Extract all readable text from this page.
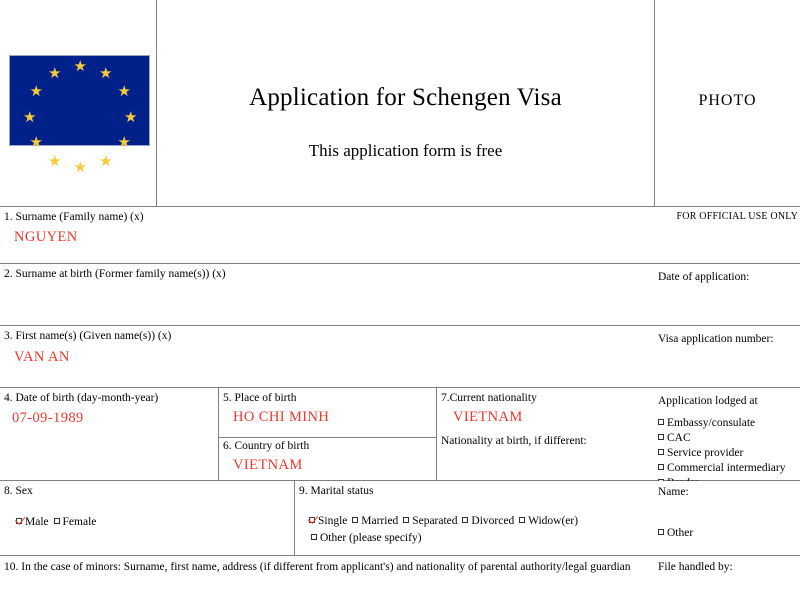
★ ★
★
★
★
★
★
★
★
★
★
★
Application for Schengen Visa
This application form is free
PHOTO
1. Surname (Family name) (x)
NGUYEN
2. Surname at birth (Former family name(s)) (x)
3. First name(s) (Given name(s)) (x)
VAN AN
4. Date of birth (day-month-year)
07-09-1989
5. Place of birth
HO CHI MINH
6. Country of birth
VIETNAM
7.Current nationality
VIETNAM
Nationality at birth, if different:
8. Sex
Male Female
9. Marital status
Single Married Separated Divorced Widow(er)
Other (please specify)
10. In the case of minors: Surname, first name, address (if different from applicant's) and nationality of parental authority/legal guardian
FOR OFFICIAL USE ONLY
Date of application:
Visa application number:
Application lodged at
Embassy/consulate
CAC
Service provider
Commercial intermediary
Name:
Other
File handled by:
